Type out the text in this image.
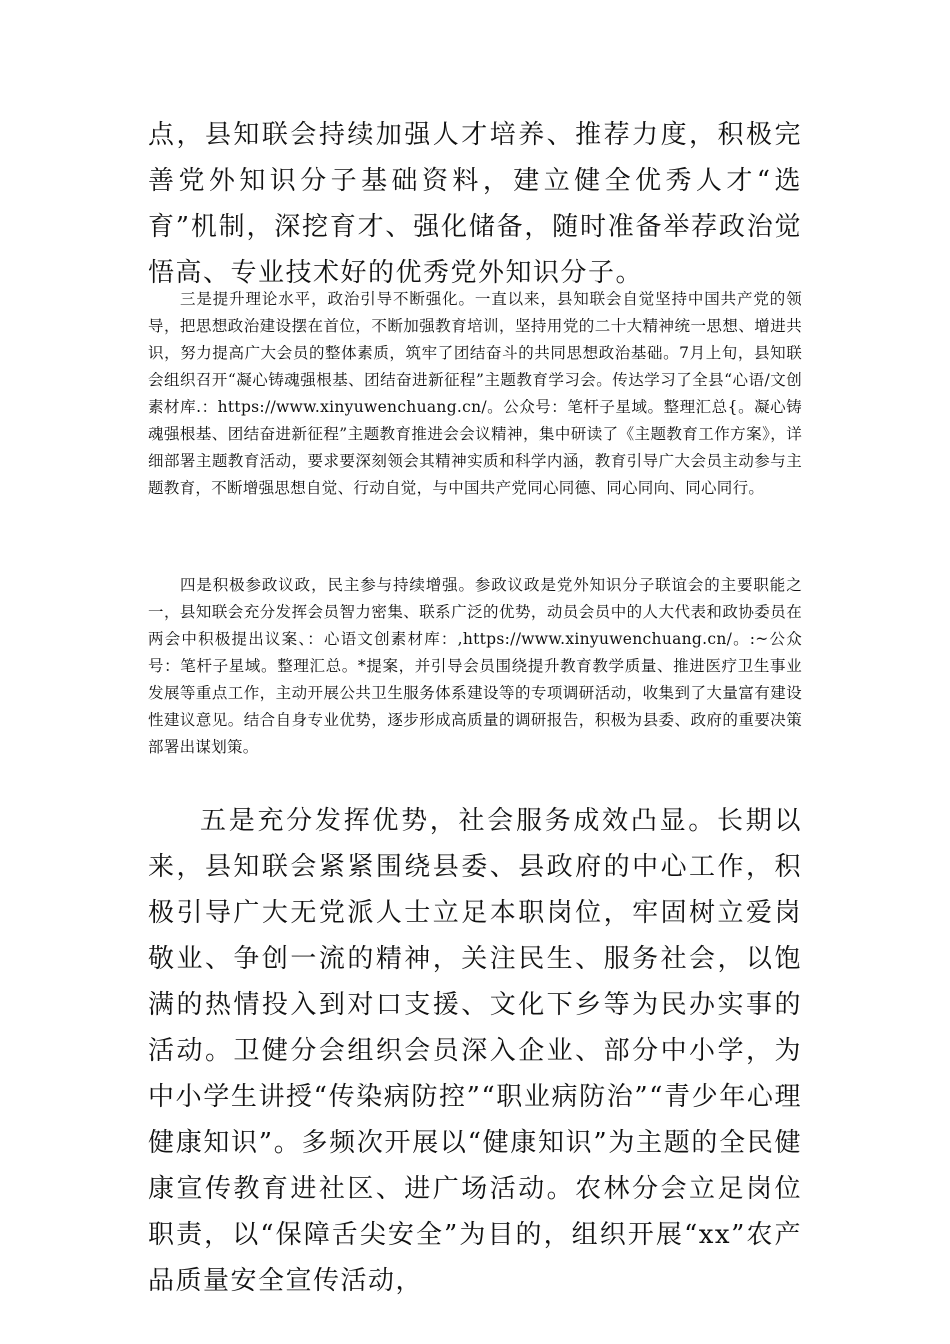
点，县知联会持续加强人才培养、推荐力度，积极完善党外知识分子基础资料，建立健全优秀人才“选育”机制，深挖育才、强化储备，随时准备举荐政治觉悟高、专业技术好的优秀党外知识分子。

三是提升理论水平，政治引导不断强化。一直以来，县知联会自觉坚持中国共产党的领导，把思想政治建设摆在首位，不断加强教育培训，坚持用党的二十大精神统一思想、增进共识，努力提高广大会员的整体素质，筑牢了团结奋斗的共同思想政治基础。7月上旬，县知联会组织召开“凝心铸魂强根基、团结奋进新征程”主题教育学习会。传达学习了全县“心语/文创素材库.：https://www.xinyuwenchuang.cn/。公众号：笔杆子星域。整理汇总{。凝心铸魂强根基、团结奋进新征程”主题教育推进会会议精神，集中研读了《主题教育工作方案》，详细部署主题教育活动，要求要深刻领会其精神实质和科学内涵，教育引导广大会员主动参与主题教育，不断增强思想自觉、行动自觉，与中国共产党同心同德、同心同向、同心同行。

四是积极参政议政，民主参与持续增强。参政议政是党外知识分子联谊会的主要职能之一，县知联会充分发挥会员智力密集、联系广泛的优势，动员会员中的人大代表和政协委员在两会中积极提出议案、：心语文创素材库：,https://www.xinyuwenchuang.cn/。:~公众号：笔杆子星域。整理汇总。*提案，并引导会员围绕提升教育教学质量、推进医疗卫生事业发展等重点工作，主动开展公共卫生服务体系建设等的专项调研活动，收集到了大量富有建设性建议意见。结合自身专业优势，逐步形成高质量的调研报告，积极为县委、政府的重要决策部署出谋划策。

五是充分发挥优势，社会服务成效凸显。长期以来，县知联会紧紧围绕县委、县政府的中心工作，积极引导广大无党派人士立足本职岗位，牢固树立爱岗敬业、争创一流的精神，关注民生、服务社会，以饱满的热情投入到对口支援、文化下乡等为民办实事的活动。卫健分会组织会员深入企业、部分中小学，为中小学生讲授“传染病防控”“职业病防治”“青少年心理健康知识”。多频次开展以“健康知识”为主题的全民健康宣传教育进社区、进广场活动。农林分会立足岗位职责，以“保障舌尖安全”为目的，组织开展“xx”农产品质量安全宣传活动，
